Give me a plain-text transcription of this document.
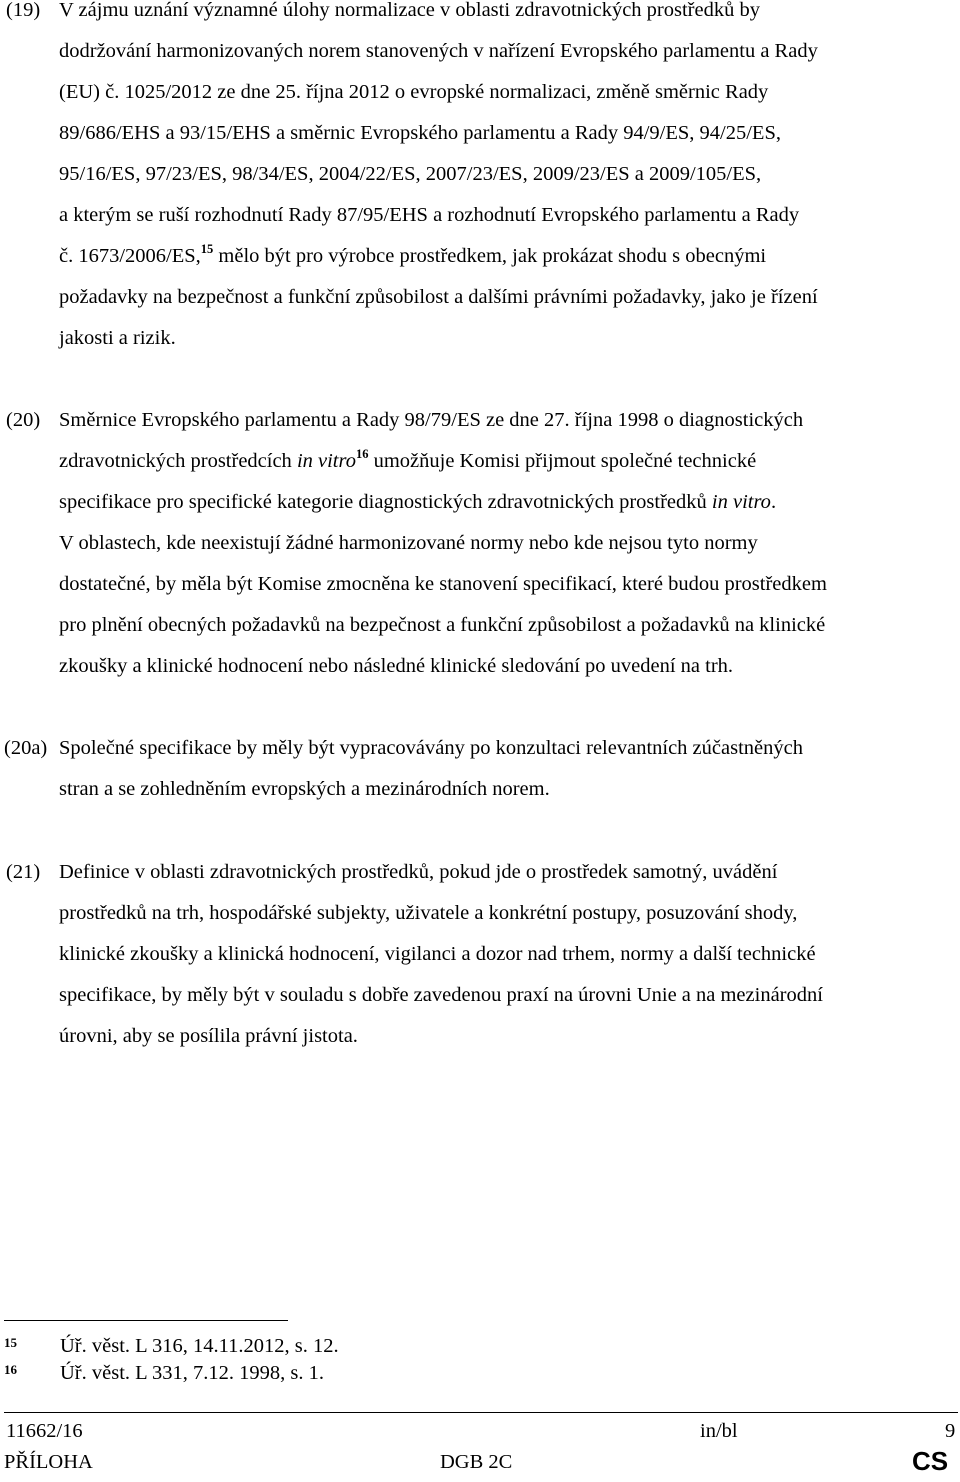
(19) V zájmu uznání významné úlohy normalizace v oblasti zdravotnických prostředků by
dodržování harmonizovaných norem stanovených v nařízení Evropského parlamentu a Rady
(EU) č. 1025/2012 ze dne 25. října 2012 o evropské normalizaci, změně směrnic Rady
89/686/EHS a 93/15/EHS a směrnic Evropského parlamentu a Rady 94/9/ES, 94/25/ES,
95/16/ES, 97/23/ES, 98/34/ES, 2004/22/ES, 2007/23/ES, 2009/23/ES a 2009/105/ES,
a kterým se ruší rozhodnutí Rady 87/95/EHS a rozhodnutí Evropského parlamentu a Rady
č. 1673/2006/ES,$^{15}$ mělo být pro výrobce prostředkem, jak prokázat shodu s obecnými
požadavky na bezpečnost a funkční způsobilost a dalšími právními požadavky, jako je řízení
jakosti a rizik.
(20) Směrnice Evropského parlamentu a Rady 98/79/ES ze dne 27. října 1998 o diagnostických
zdravotnických prostředcích in vitro$^{16}$ umožňuje Komisi přijmout společné technické
specifikace pro specifické kategorie diagnostických zdravotnických prostředků in vitro.
V oblastech, kde neexistují žádné harmonizované normy nebo kde nejsou tyto normy
dostatečné, by měla být Komise zmocněna ke stanovení specifikací, které budou prostředkem
pro plnění obecných požadavků na bezpečnost a funkční způsobilost a požadavků na klinické
zkoušky a klinické hodnocení nebo následné klinické sledování po uvedení na trh.
(20a) Společné specifikace by měly být vypracovávány po konzultaci relevantních zúčastněných
stran a se zohledněním evropských a mezinárodních norem.
(21) Definice v oblasti zdravotnických prostředků, pokud jde o prostředek samotný, uvádění
prostředků na trh, hospodářské subjekty, uživatele a konkrétní postupy, posuzování shody,
klinické zkoušky a klinická hodnocení, vigilanci a dozor nad trhem, normy a další technické
specifikace, by měly být v souladu s dobře zavedenou praxí na úrovni Unie a na mezinárodní
úrovni, aby se posílila právní jistota.
15 Úř. věst. L 316, 14.11.2012, s. 12.
16 Úř. věst. L 331, 7.12. 1998, s. 1.
11662/16	in/bl	9
PŘÍLOHA	DGB 2C	CS
